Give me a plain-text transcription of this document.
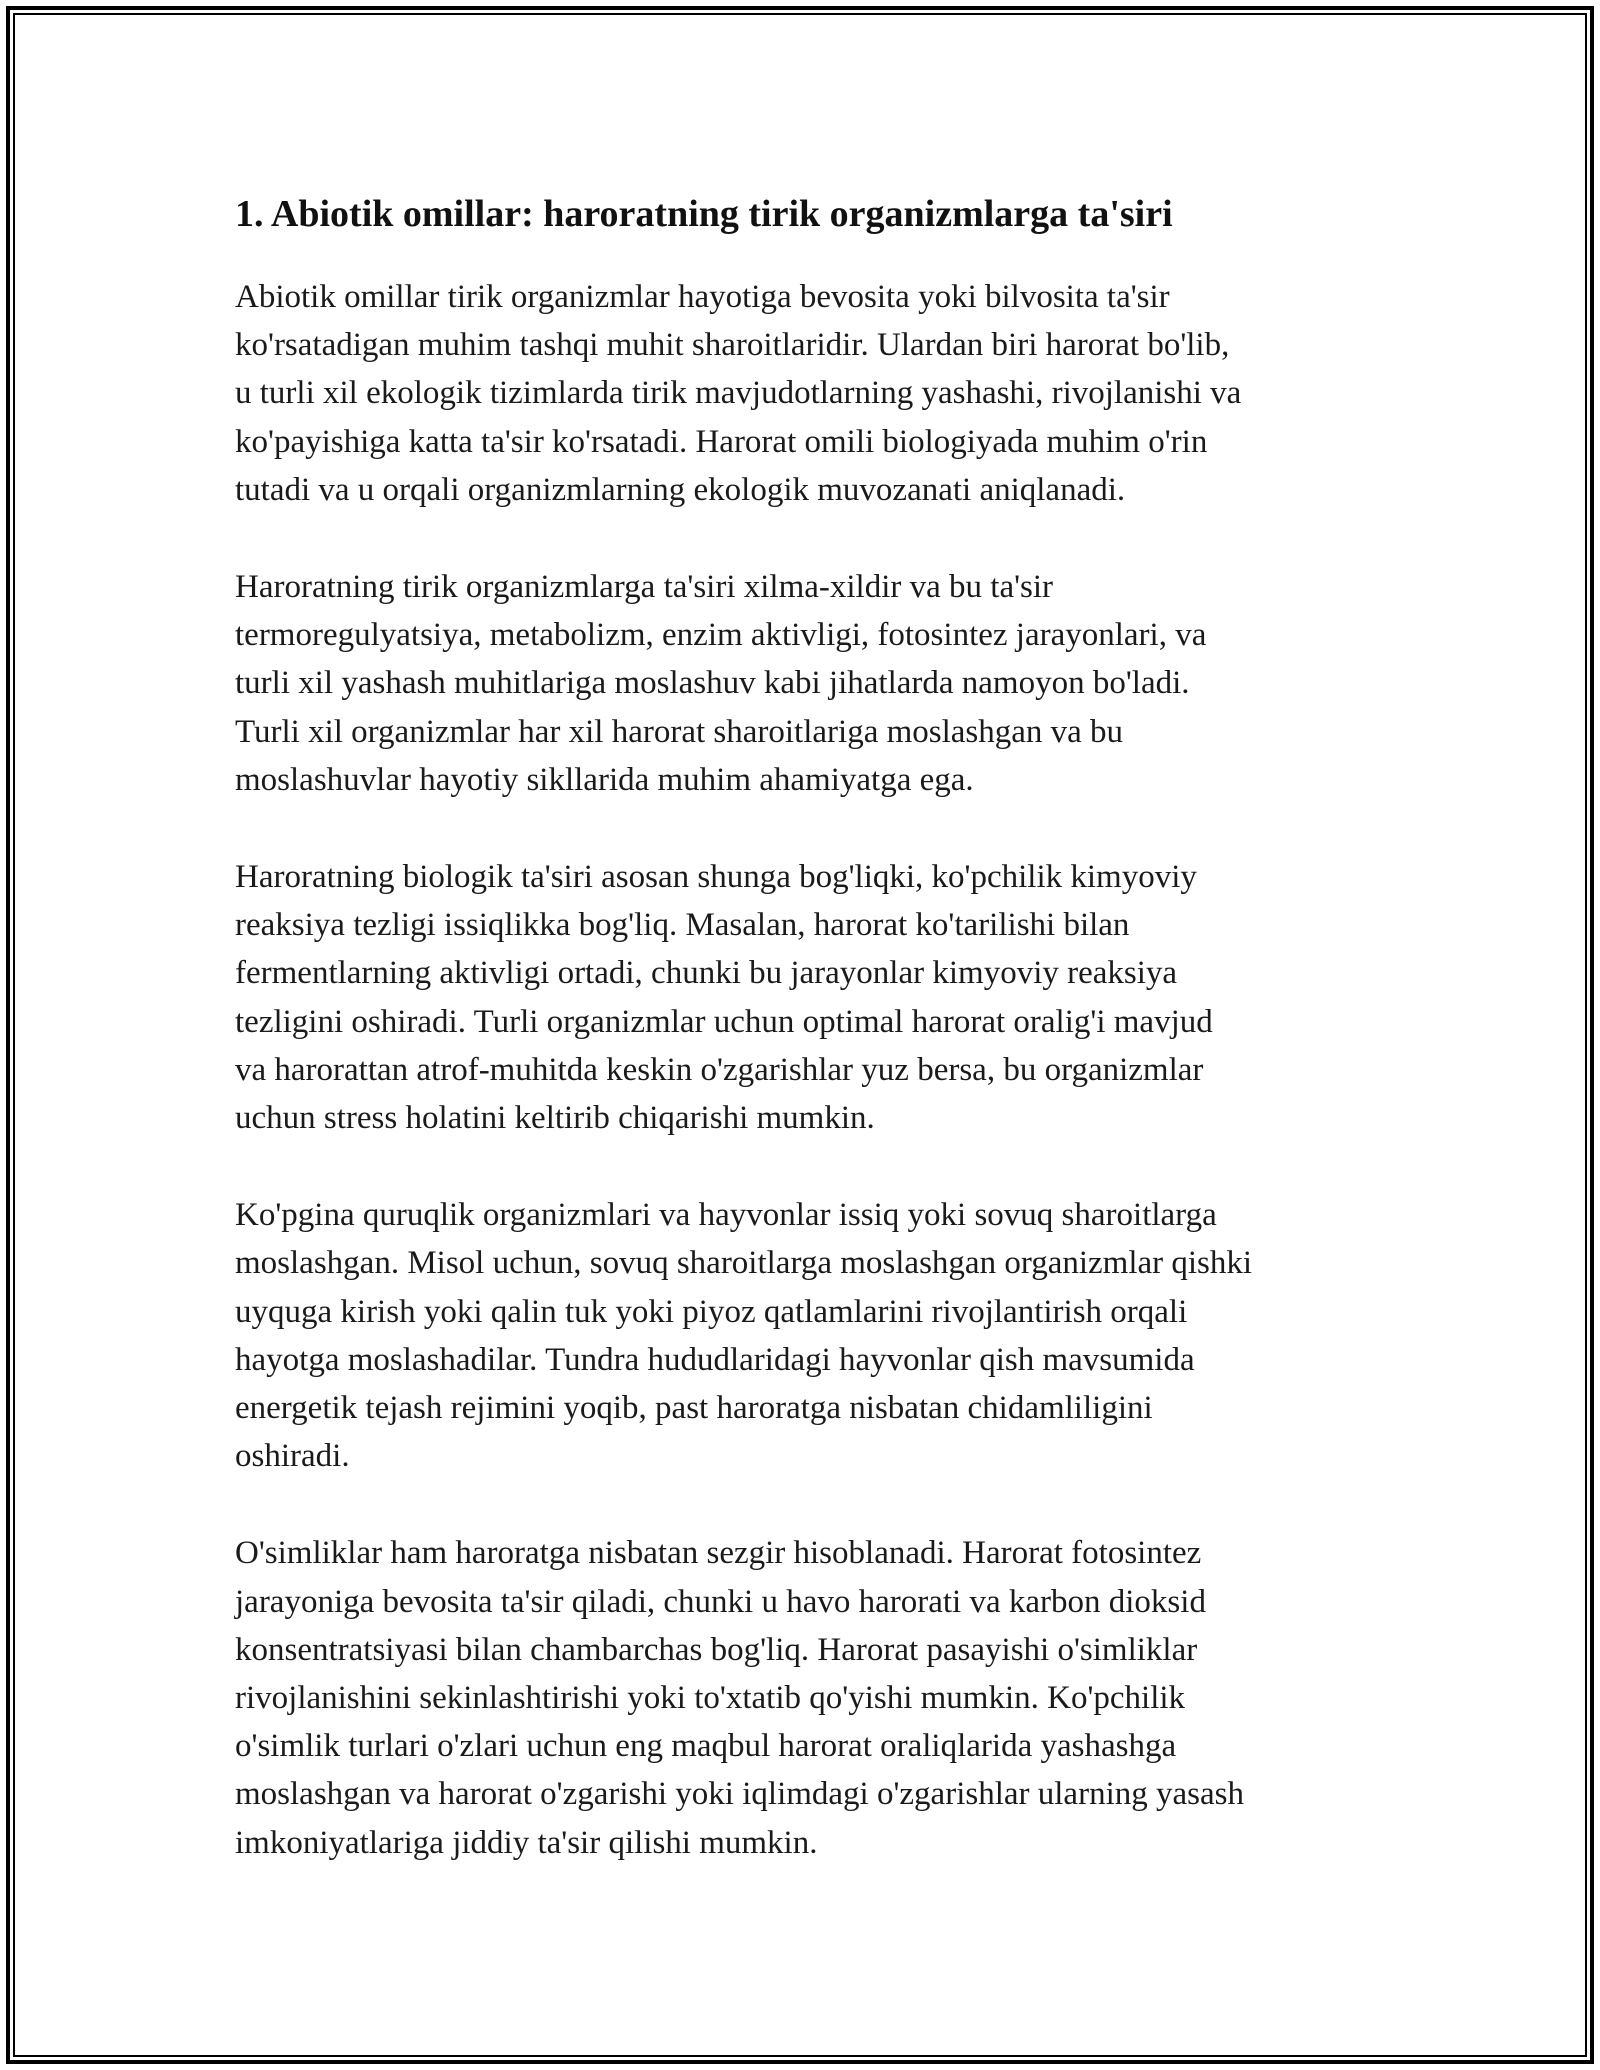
1. Abiotik omillar: haroratning tirik organizmlarga ta'siri

Abiotik omillar tirik organizmlar hayotiga bevosita yoki bilvosita ta'sir
ko'rsatadigan muhim tashqi muhit sharoitlaridir. Ulardan biri harorat bo'lib,
u turli xil ekologik tizimlarda tirik mavjudotlarning yashashi, rivojlanishi va
ko'payishiga katta ta'sir ko'rsatadi. Harorat omili biologiyada muhim o'rin
tutadi va u orqali organizmlarning ekologik muvozanati aniqlanadi.

Haroratning tirik organizmlarga ta'siri xilma-xildir va bu ta'sir
termoregulyatsiya, metabolizm, enzim aktivligi, fotosintez jarayonlari, va
turli xil yashash muhitlariga moslashuv kabi jihatlarda namoyon bo'ladi.
Turli xil organizmlar har xil harorat sharoitlariga moslashgan va bu
moslashuvlar hayotiy sikllarida muhim ahamiyatga ega.

Haroratning biologik ta'siri asosan shunga bog'liqki, ko'pchilik kimyoviy
reaksiya tezligi issiqlikka bog'liq. Masalan, harorat ko'tarilishi bilan
fermentlarning aktivligi ortadi, chunki bu jarayonlar kimyoviy reaksiya
tezligini oshiradi. Turli organizmlar uchun optimal harorat oralig'i mavjud
va harorattan atrof-muhitda keskin o'zgarishlar yuz bersa, bu organizmlar
uchun stress holatini keltirib chiqarishi mumkin.

Ko'pgina quruqlik organizmlari va hayvonlar issiq yoki sovuq sharoitlarga
moslashgan. Misol uchun, sovuq sharoitlarga moslashgan organizmlar qishki
uyquga kirish yoki qalin tuk yoki piyoz qatlamlarini rivojlantirish orqali
hayotga moslashadilar. Tundra hududlaridagi hayvonlar qish mavsumida
energetik tejash rejimini yoqib, past haroratga nisbatan chidamliligini
oshiradi.

O'simliklar ham haroratga nisbatan sezgir hisoblanadi. Harorat fotosintez
jarayoniga bevosita ta'sir qiladi, chunki u havo harorati va karbon dioksid
konsentratsiyasi bilan chambarchas bog'liq. Harorat pasayishi o'simliklar
rivojlanishini sekinlashtirishi yoki to'xtatib qo'yishi mumkin. Ko'pchilik
o'simlik turlari o'zlari uchun eng maqbul harorat oraliqlarida yashashga
moslashgan va harorat o'zgarishi yoki iqlimdagi o'zgarishlar ularning yasash
imkoniyatlariga jiddiy ta'sir qilishi mumkin.
